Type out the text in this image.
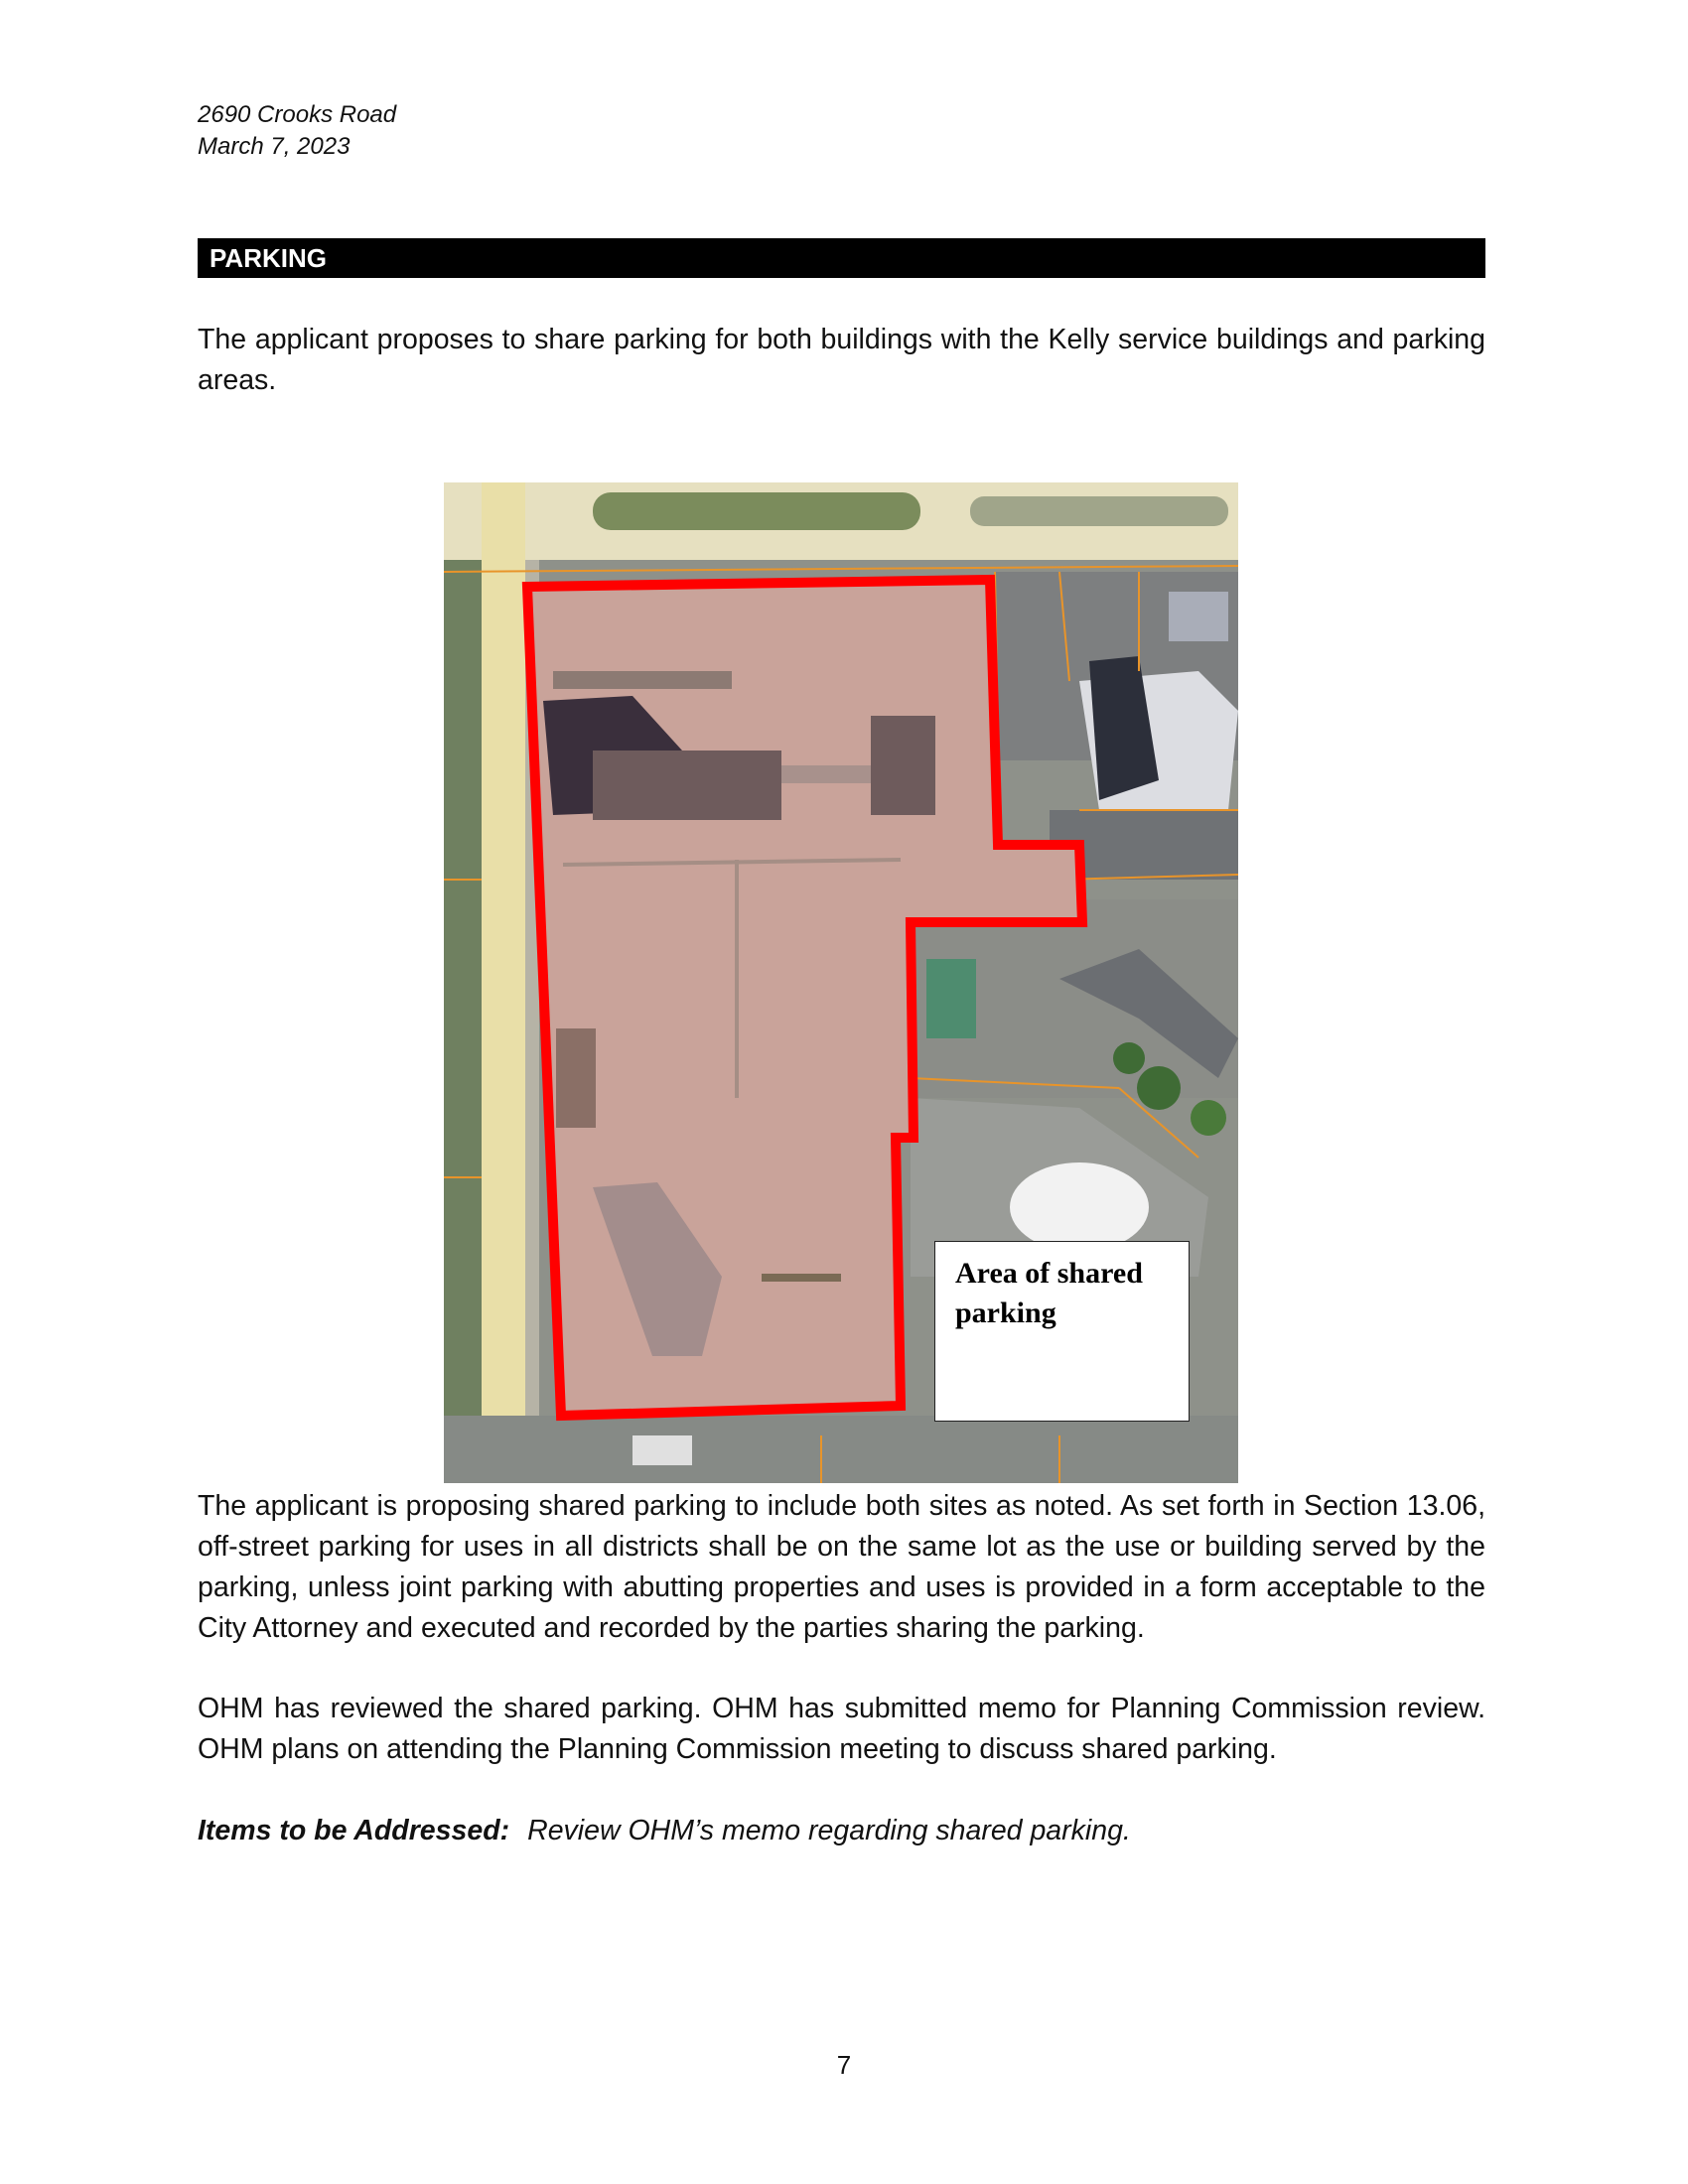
2690 Crooks Road
March 7, 2023
PARKING
The applicant proposes to share parking for both buildings with the Kelly service buildings and parking areas.
Area of shared parking
The applicant is proposing shared parking to include both sites as noted. As set forth in Section 13.06, off-street parking for uses in all districts shall be on the same lot as the use or building served by the parking, unless joint parking with abutting properties and uses is provided in a form acceptable to the City Attorney and executed and recorded by the parties sharing the parking.
OHM has reviewed the shared parking. OHM has submitted memo for Planning Commission review. OHM plans on attending the Planning Commission meeting to discuss shared parking.
Items to be Addressed: Review OHM’s memo regarding shared parking.
7
